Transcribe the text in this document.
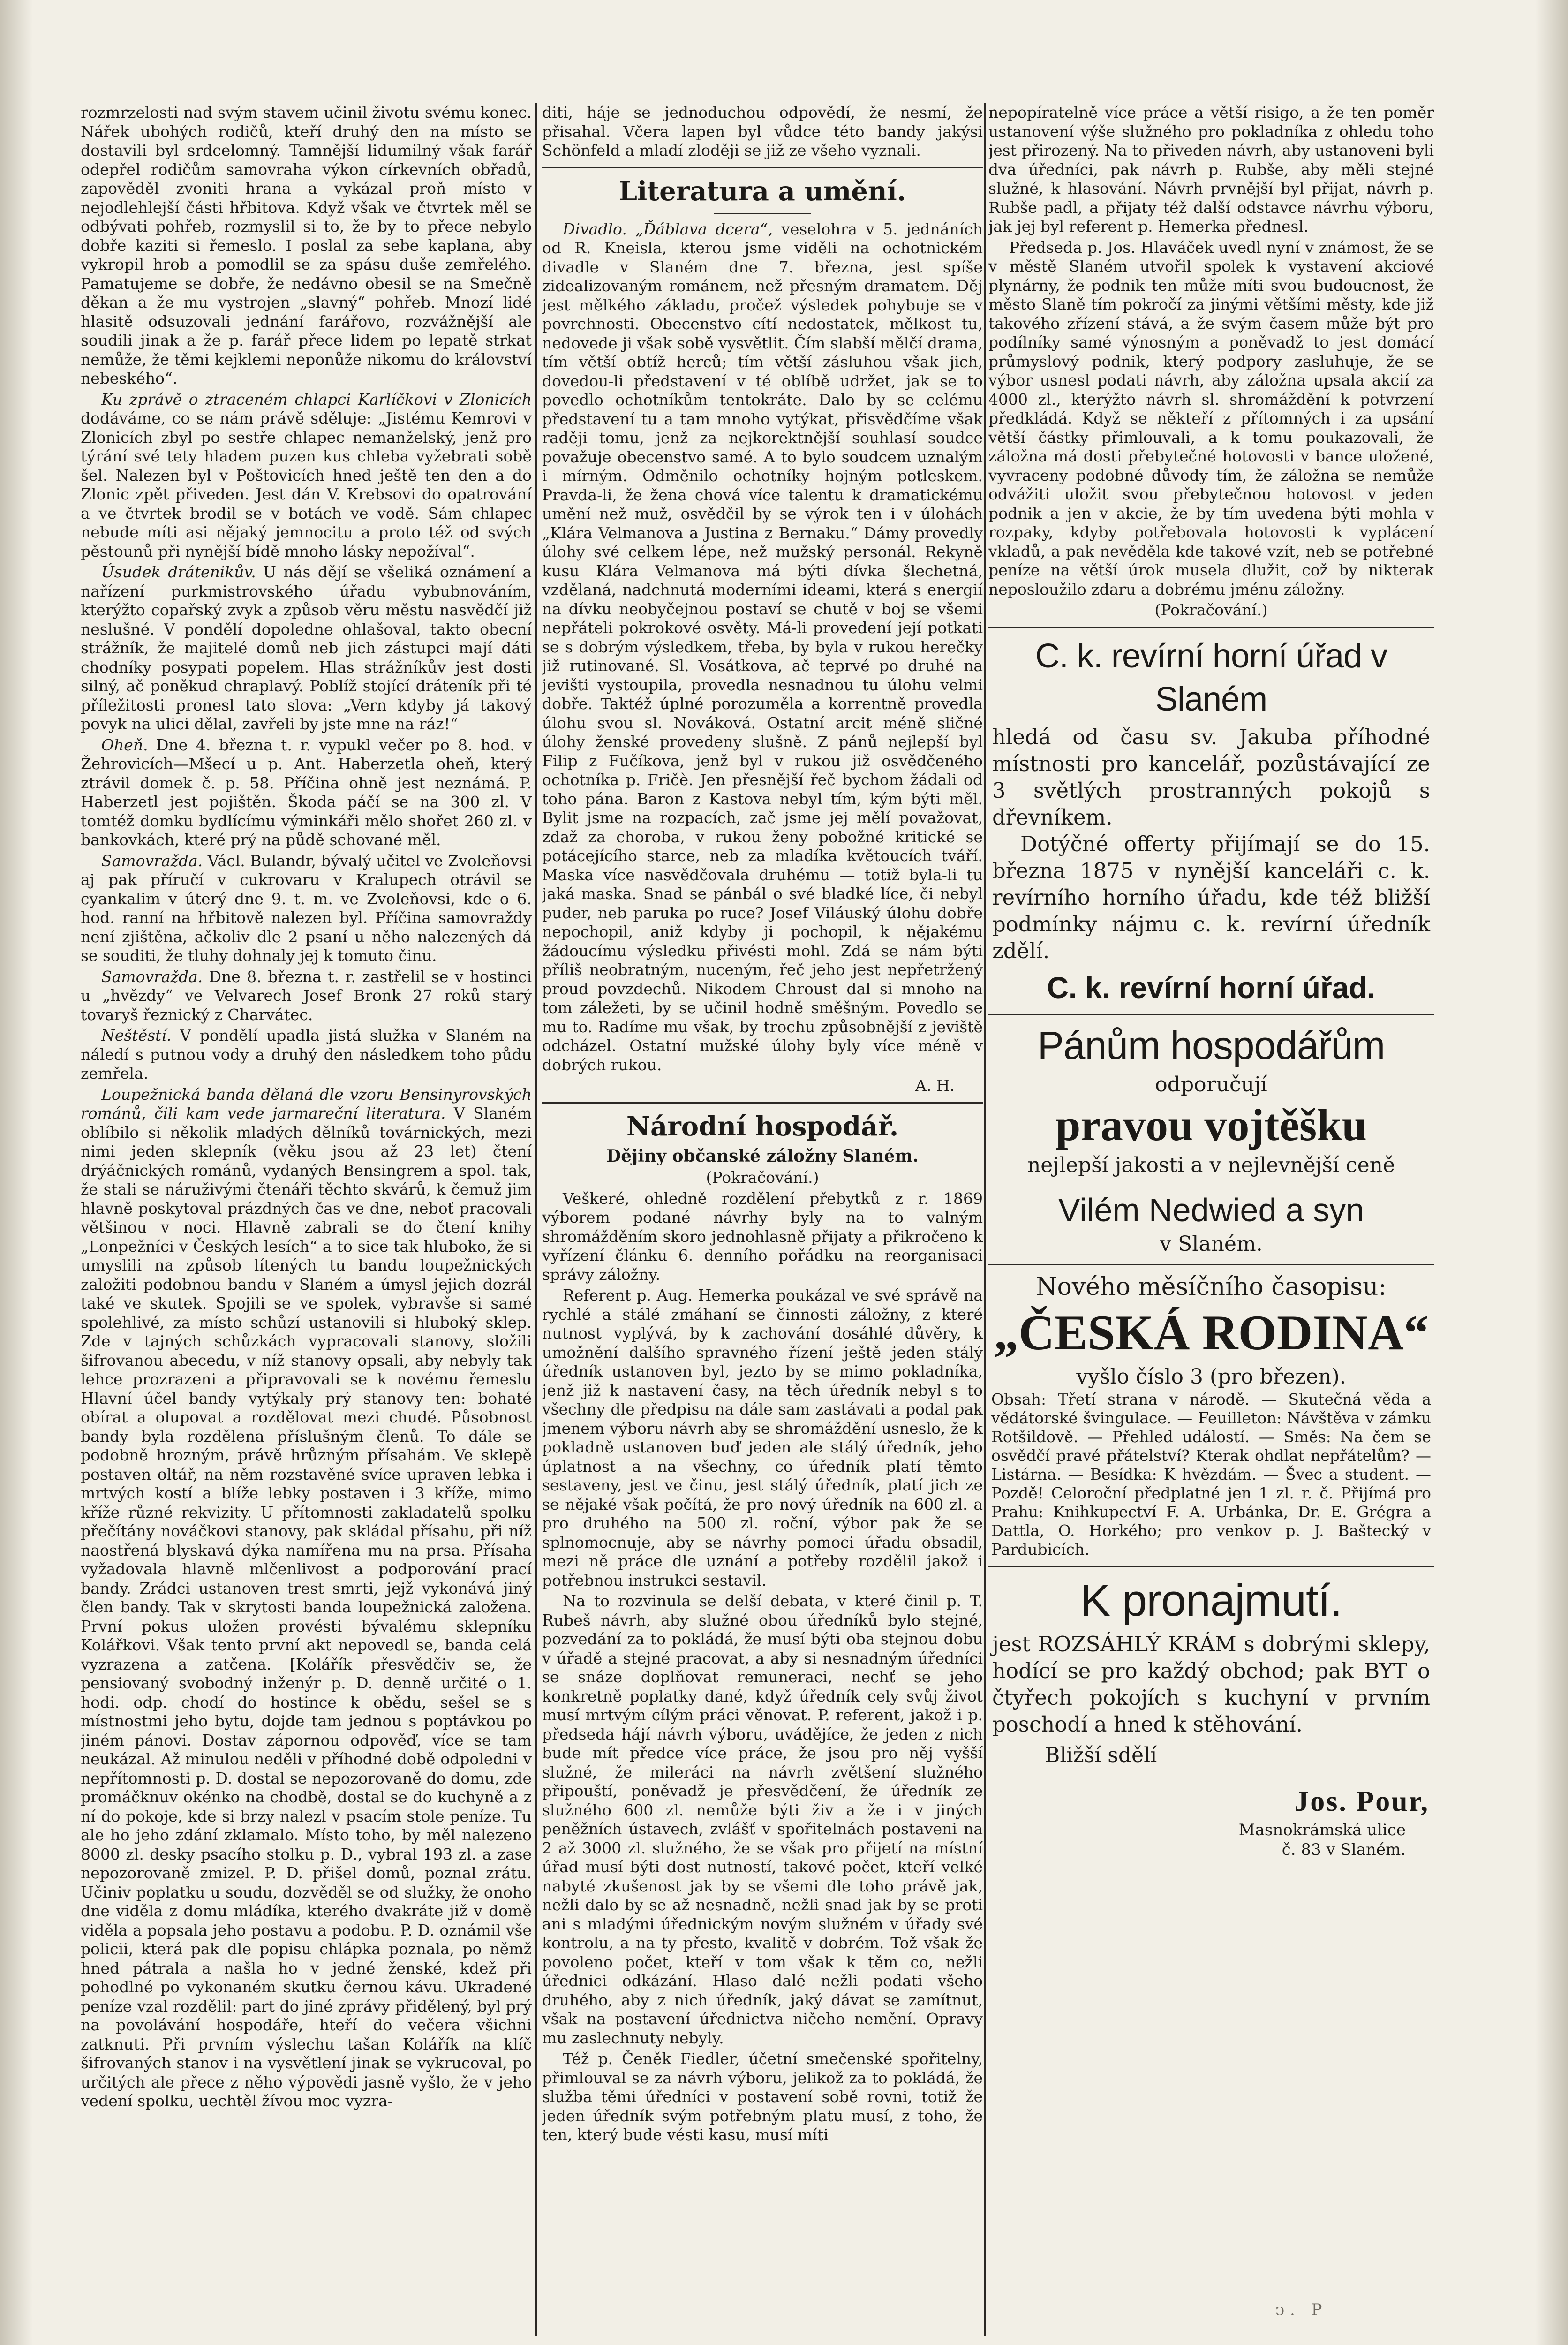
rozmrzelosti nad svým stavem učinil životu svému konec. Nářek ubohých rodičů, kteří druhý den na místo se dostavili byl srdcelomný. Tamnější lidumilný však farář odepřel rodičům samovraha výkon církevních obřadů, zapověděl zvoniti hrana a vykázal proň místo v nejodlehlejší části hřbitova. Když však ve čtvrtek měl se odbývati pohřeb, rozmyslil si to, že by to přece nebylo dobře kaziti si řemeslo. I poslal za sebe kaplana, aby vykropil hrob a pomodlil se za spásu duše zemřelého. Pamatujeme se dobře, že nedávno obesil se na Smečně děkan a že mu vystrojen „slavný“ pohřeb. Mnozí lidé hlasitě odsuzovali jednání farářovo, rozvážnější ale soudili jinak a že p. farář přece lidem po lepatě strkat nemůže, že těmi kejklemi neponůže nikomu do království nebeského“.

Ku zprávě o ztraceném chlapci Karlíčkovi v Zlonicích dodáváme, co se nám právě sděluje: „Jistému Kemrovi v Zlonicích zbyl po sestře chlapec nemanželský, jenž pro týrání své tety hladem puzen kus chleba vyžebrati sobě šel. Nalezen byl v Poštovicích hned ještě ten den a do Zlonic zpět přiveden. Jest dán V. Krebsovi do opatrování a ve čtvrtek brodil se v botách ve vodě. Sám chlapec nebude míti asi nějaký jemnocitu a proto též od svých pěstounů při nynější bídě mnoho lásky nepožíval“.

Úsudek drátenikův. U nás dějí se všeliká oznámení a nařízení purkmistrovského úřadu vybubnováním, kterýžto copařský zvyk a způsob věru městu nasvědčí již neslušné. V pondělí dopoledne ohlašoval, takto obecní strážník, že majitelé domů neb jich zástupci mají dáti chodníky posypati popelem. Hlas strážníkův jest dosti silný, ač poněkud chraplavý. Poblíž stojící dráteník při té příležitosti pronesl tato slova: „Vern kdyby já takový povyk na ulici dělal, zavřeli by jste mne na ráz!“

Oheň. Dne 4. března t. r. vypukl večer po 8. hod. v Žehrovicích—Mšecí u p. Ant. Haberzetla oheň, který ztrávil domek č. p. 58. Příčina ohně jest neznámá. P. Haberzetl jest pojištěn. Škoda páčí se na 300 zl. V tomtéž domku bydlícímu výminkáři mělo shořet 260 zl. v bankovkách, které prý na půdě schované měl.

Samovražda. Václ. Bulandr, bývalý učitel ve Zvoleňovsi aj pak příručí v cukrovaru v Kralupech otrávil se cyankalim v úterý dne 9. t. m. ve Zvoleňovsi, kde o 6. hod. ranní na hřbitově nalezen byl. Příčina samovraždy není zjištěna, ačkoliv dle 2 psaní u něho nalezených dá se souditi, že tluhy dohnaly jej k tomuto činu.

Samovražda. Dne 8. března t. r. zastřelil se v hostinci u „hvězdy“ ve Velvarech Josef Bronk 27 roků starý tovaryš řeznický z Charvátec.

Neštěstí. V pondělí upadla jistá služka v Slaném na náledí s putnou vody a druhý den následkem toho půdu zemřela.

Loupežnická banda dělaná dle vzoru Bensinyrovských románů, čili kam vede jarmareční literatura. V Slaném oblíbilo si několik mladých dělníků továrnických, mezi nimi jeden sklepník (věku jsou až 23 let) čtení drýáčnických románů, vydaných Bensingrem a spol. tak, že stali se náruživými čtenáři těchto skvárů, k čemuž jim hlavně poskytoval prázdných čas ve dne, neboť pracovali většinou v noci. Hlavně zabrali se do čtení knihy „Lonpežníci v Českých lesích“ a to sice tak hluboko, že si umyslili na způsob lítených tu bandu loupežnických založiti podobnou bandu v Slaném a úmysl jejich dozrál také ve skutek. Spojili se ve spolek, vybravše si samé spolehlivé, za místo schůzí ustanovili si hluboký sklep. Zde v tajných schůzkách vypracovali stanovy, složili šifrovanou abecedu, v níž stanovy opsali, aby nebyly tak lehce prozrazeni a připravovali se k novému řemeslu Hlavní účel bandy vytýkaly prý stanovy ten: bohaté obírat a olupovat a rozdělovat mezi chudé. Působnost bandy byla rozdělena příslušným členů. To dále se podobně hrozným, právě hrůzným přísahám. Ve sklepě postaven oltář, na něm rozstavěné svíce upraven lebka i mrtvých kostí a blíže lebky postaven i 3 kříže, mimo kříže různé rekvizity. U přítomnosti zakladatelů spolku přečítány nováčkovi stanovy, pak skládal přísahu, při níž naostřená blyskavá dýka namířena mu na prsa. Přísaha vyžadovala hlavně mlčenlivost a podporování prací bandy. Zrádci ustanoven trest smrti, jejž vykonává jiný člen bandy. Tak v skrytosti banda loupežnická založena. První pokus uložen provésti bývalému sklepníku Kolářkovi. Však tento první akt nepovedl se, banda celá vyzrazena a zatčena. [Kolářík přesvědčiv se, že pensiovaný svobodný inženýr p. D. denně určité o 1. hodi. odp. chodí do hostince k obědu, sešel se s místnostmi jeho bytu, dojde tam jednou s poptávkou po jiném pánovi. Dostav zápornou odpověď, více se tam neukázal. Až minulou neděli v příhodné době odpoledni v nepřítomnosti p. D. dostal se nepozorovaně do domu, zde promáčknuv okénko na chodbě, dostal se do kuchyně a z ní do pokoje, kde si brzy nalezl v psacím stole peníze. Tu ale ho jeho zdání zklamalo. Místo toho, by měl nalezeno 8000 zl. desky psacího stolku p. D., vybral 193 zl. a zase nepozorovaně zmizel. P. D. přišel domů, poznal zrátu. Učiniv poplatku u soudu, dozvěděl se od služky, že onoho dne viděla z domu mládíka, kterého dvakráte již v domě viděla a popsala jeho postavu a podobu. P. D. oznámil vše policii, která pak dle popisu chlápka poznala, po němž hned pátrala a našla ho v jedné ženské, kdež při pohodlné po vykonaném skutku černou kávu. Ukradené peníze vzal rozdělil: part do jiné zprávy přidělený, byl prý na povolávání hospodáře, hteří do večera všichni zatknuti. Při prvním výslechu tašan Kolářík na klíč šifrovaných stanov i na vysvětlení jinak se vykrucoval, po určitých ale přece z něho výpovědi jasně vyšlo, že v jeho vedení spolku, uechtěl žívou moc vyzra-

diti, háje se jednoduchou odpovědí, že nesmí, že přisahal. Včera lapen byl vůdce této bandy jakýsi Schönfeld a mladí zloději se již ze všeho vyznali.

Literatura a umění.

Divadlo. „Ďáblava dcera“, veselohra v 5. jednáních od R. Kneisla, kterou jsme viděli na ochotnickém divadle v Slaném dne 7. března, jest spíše zidealizovaným románem, než přesným dramatem. Děj jest mělkého základu, pročež výsledek pohybuje se v povrchnosti. Obecenstvo cítí nedostatek, mělkost tu, nedovede ji však sobě vysvětlit. Čím slabší mělčí drama, tím větší obtíž herců; tím větší zásluhou však jich, dovedou-li představení v té oblíbě udržet, jak se to povedlo ochotníkům tentokráte. Dalo by se celému představení tu a tam mnoho vytýkat, přisvědčíme však raději tomu, jenž za nejkorektnější souhlasí soudce považuje obecenstvo samé. A to bylo soudcem uznalým i mírným. Odměnilo ochotníky hojným potleskem. Pravda-li, že žena chová více talentu k dramatickému umění než muž, osvědčil by se výrok ten i v úlohách „Klára Velmanova a Justina z Bernaku.“ Dámy provedly úlohy své celkem lépe, než mužský personál. Rekyně kusu Klára Velmanova má býti dívka šlechetná, vzdělaná, nadchnutá moderními ideami, která s energií na dívku neobyčejnou postaví se chutě v boj se všemi nepřáteli pokrokové osvěty. Má-li provedení její potkati se s dobrým výsledkem, třeba, by byla v rukou herečky již rutinované. Sl. Vosátkova, ač teprvé po druhé na jevišti vystoupila, provedla nesnadnou tu úlohu velmi dobře. Taktéž úplné porozuměla a korrentně provedla úlohu svou sl. Nováková. Ostatní arcit méně sličné úlohy ženské provedeny slušně. Z pánů nejlepší byl Filip z Fučíkova, jenž byl v rukou již osvědčeného ochotníka p. Fričè. Jen přesnější řeč bychom žádali od toho pána. Baron z Kastova nebyl tím, kým býti měl. Bylit jsme na rozpacích, zač jsme jej mělí považovat, zdaž za choroba, v rukou ženy pobožné kritické se potácejícího starce, neb za mladíka květoucích tváří. Maska více nasvědčovala druhému — totiž byla-li tu jaká maska. Snad se pánbál o své bladké líce, či nebyl puder, neb paruka po ruce? Josef Viláuský úlohu dobře nepochopil, aniž kdyby ji pochopil, k nějakému žádoucímu výsledku přivésti mohl. Zdá se nám býti příliš neobratným, nuceným, řeč jeho jest nepřetržený proud povzdechů. Nikodem Chroust dal si mnoho na tom záležeti, by se učinil hodně směšným. Povedlo se mu to. Radíme mu však, by trochu způsobnější z jeviště odcházel. Ostatní mužské úlohy byly více méně v dobrých rukou.

A. H.

Národní hospodář.
Dějiny občanské záložny Slaném.

(Pokračování.)

Veškeré, ohledně rozdělení přebytků z r. 1869 výborem podané návrhy byly na to valným shromážděním skoro jednohlasně přijaty a přikročeno k vyřízení článku 6. denního pořádku na reorganisaci správy záložny.

Referent p. Aug. Hemerka poukázal ve své správě na rychlé a stálé zmáhaní se činnosti záložny, z které nutnost vyplývá, by k zachování dosáhlé důvěry, k umožnění dalšího spravného řízení ještě jeden stálý úředník ustanoven byl, jezto by se mimo pokladníka, jenž již k nastavení časy, na těch úředník nebyl s to všechny dle předpisu na dále sam zastávati a podal pak jmenem výboru návrh aby se shromáždění usneslo, že k pokladně ustanoven buď jeden ale stálý úředník, jeho úplatnost a na všechny, co úředník platí těmto sestaveny, jest ve činu, jest stálý úředník, platí jich ze se nějaké však počítá, že pro nový úředník na 600 zl. a pro druhého na 500 zl. roční, výbor pak že se splnomocnuje, aby se návrhy pomoci úřadu obsadil, mezi ně práce dle uznání a potřeby rozdělil jakož i potřebnou instrukci sestavil.

Na to rozvinula se delší debata, v které činil p. T. Rubeš návrh, aby služné obou úředníků bylo stejné, pozvedání za to pokládá, že musí býti oba stejnou dobu v úřadě a stejné pracovat, a aby si nesnadným úředníci se snáze doplňovat remuneraci, nechť se jeho konkretně poplatky dané, když úředník cely svůj život musí mrtvým cílým práci věnovat. P. referent, jakož i p. předseda hájí návrh výboru, uvádějíce, že jeden z nich bude mít předce více práce, že jsou pro něj vyšší služné, že mileráci na návrh zvětšení služného připouští, poněvadž je přesvědčení, že úředník ze služného 600 zl. nemůže býti živ a že i v jiných peněžních ústavech, zvlášť v spořitelnách postaveni na 2 až 3000 zl. služného, že se však pro přijetí na místní úřad musí býti dost nutností, takové počet, kteří velké nabyté zkušenost jak by se všemi dle toho právě jak, nežli dalo by se až nesnadně, nežli snad jak by se proti ani s mladými úřednickým novým služném v úřady své kontrolu, a na ty přesto, kvalitě v dobrém. Tož však že povoleno počet, kteří v tom však k těm co, nežli úřednici odkázání. Hlaso dalé nežli podati všeho druhého, aby z nich úředník, jaký dávat se zamítnut, však na postavení úřednictva ničeho nemění. Opravy mu zaslechnuty nebyly.

Též p. Čeněk Fiedler, účetní smečenské spořitelny, přimlouval se za návrh výboru, jelikož za to pokládá, že služba těmi úředníci v postavení sobě rovni, totiž že jeden úředník svým potřebným platu musí, z toho, že ten, který bude vésti kasu, musí míti

nepopíratelně více práce a větší risigo, a že ten poměr ustanovení výše služného pro pokladníka z ohledu toho jest přirozený. Na to přiveden návrh, aby ustanoveni byli dva úředníci, pak návrh p. Rubše, aby měli stejné služné, k hlasování. Návrh prvnější byl přijat, návrh p. Rubše padl, a přijaty též další odstavce návrhu výboru, jak jej byl referent p. Hemerka přednesl.

Předseda p. Jos. Hlaváček uvedl nyní v známost, že se v městě Slaném utvořil spolek k vystavení akciové plynárny, že podnik ten může míti svou budoucnost, že město Slaně tím pokročí za jinými většími městy, kde již takového zřízení stává, a že svým časem může být pro podílníky samé výnosným a poněvadž to jest domácí průmyslový podnik, který podpory zasluhuje, že se výbor usnesl podati návrh, aby záložna upsala akcií za 4000 zl., kterýžto návrh sl. shromáždění k potvrzení předkládá. Když se někteří z přítomných i za upsání větší částky přimlouvali, a k tomu poukazovali, že záložna má dosti přebytečné hotovosti v bance uložené, vyvraceny podobné důvody tím, že záložna se nemůže odvážiti uložit svou přebytečnou hotovost v jeden podnik a jen v akcie, že by tím uvedena býti mohla v rozpaky, kdyby potřebovala hotovosti k vyplácení vkladů, a pak nevěděla kde takové vzít, neb se potřebné peníze na větší úrok musela dlužit, což by nikterak neposloužilo zdaru a dobrému jménu záložny.

(Pokračování.)

C. k. revírní horní úřad v Slaném
hledá od času sv. Jakuba příhodné místnosti pro kancelář, pozůstávající ze 3 světlých prostranných pokojů s dřevníkem.
Dotýčné offerty přijímají se do 15. března 1875 v nynější kanceláři c. k. revírního horního úřadu, kde též bližší podmínky nájmu c. k. revírní úředník zdělí.
C. k. revírní horní úřad.
Pánům hospodářům
odporučují
pravou vojtěšku
nejlepší jakosti a v nejlevnější ceně
Vilém Nedwied a syn
v Slaném.
Nového měsíčního časopisu:
„ČESKÁ RODINA“
vyšlo číslo 3 (pro březen).
Obsah: Třetí strana v národě. — Skutečná věda a vědátorské švingulace. — Feuilleton: Návštěva v zámku Rotšildově. — Přehled událostí. — Směs: Na čem se osvědčí pravé přátelství? Kterak ohdlat nepřátelům? — Listárna. — Besídka: K hvězdám. — Švec a student. — Pozdě! Celoroční předplatné jen 1 zl. r. č. Přijímá pro Prahu: Knihkupectví F. A. Urbánka, Dr. E. Grégra a Dattla, O. Horkého; pro venkov p. J. Baštecký v Pardubicích.
K pronajmutí.
jest ROZSÁHLÝ KRÁM s dobrými sklepy, hodící se pro každý obchod; pak BYT o čtyřech pokojích s kuchyní v prvním poschodí a hned k stěhování.
Bližší sdělí
Jos. Pour,
Masnokrámská ulice
č. 83 v Slaném.
ↄ. P
